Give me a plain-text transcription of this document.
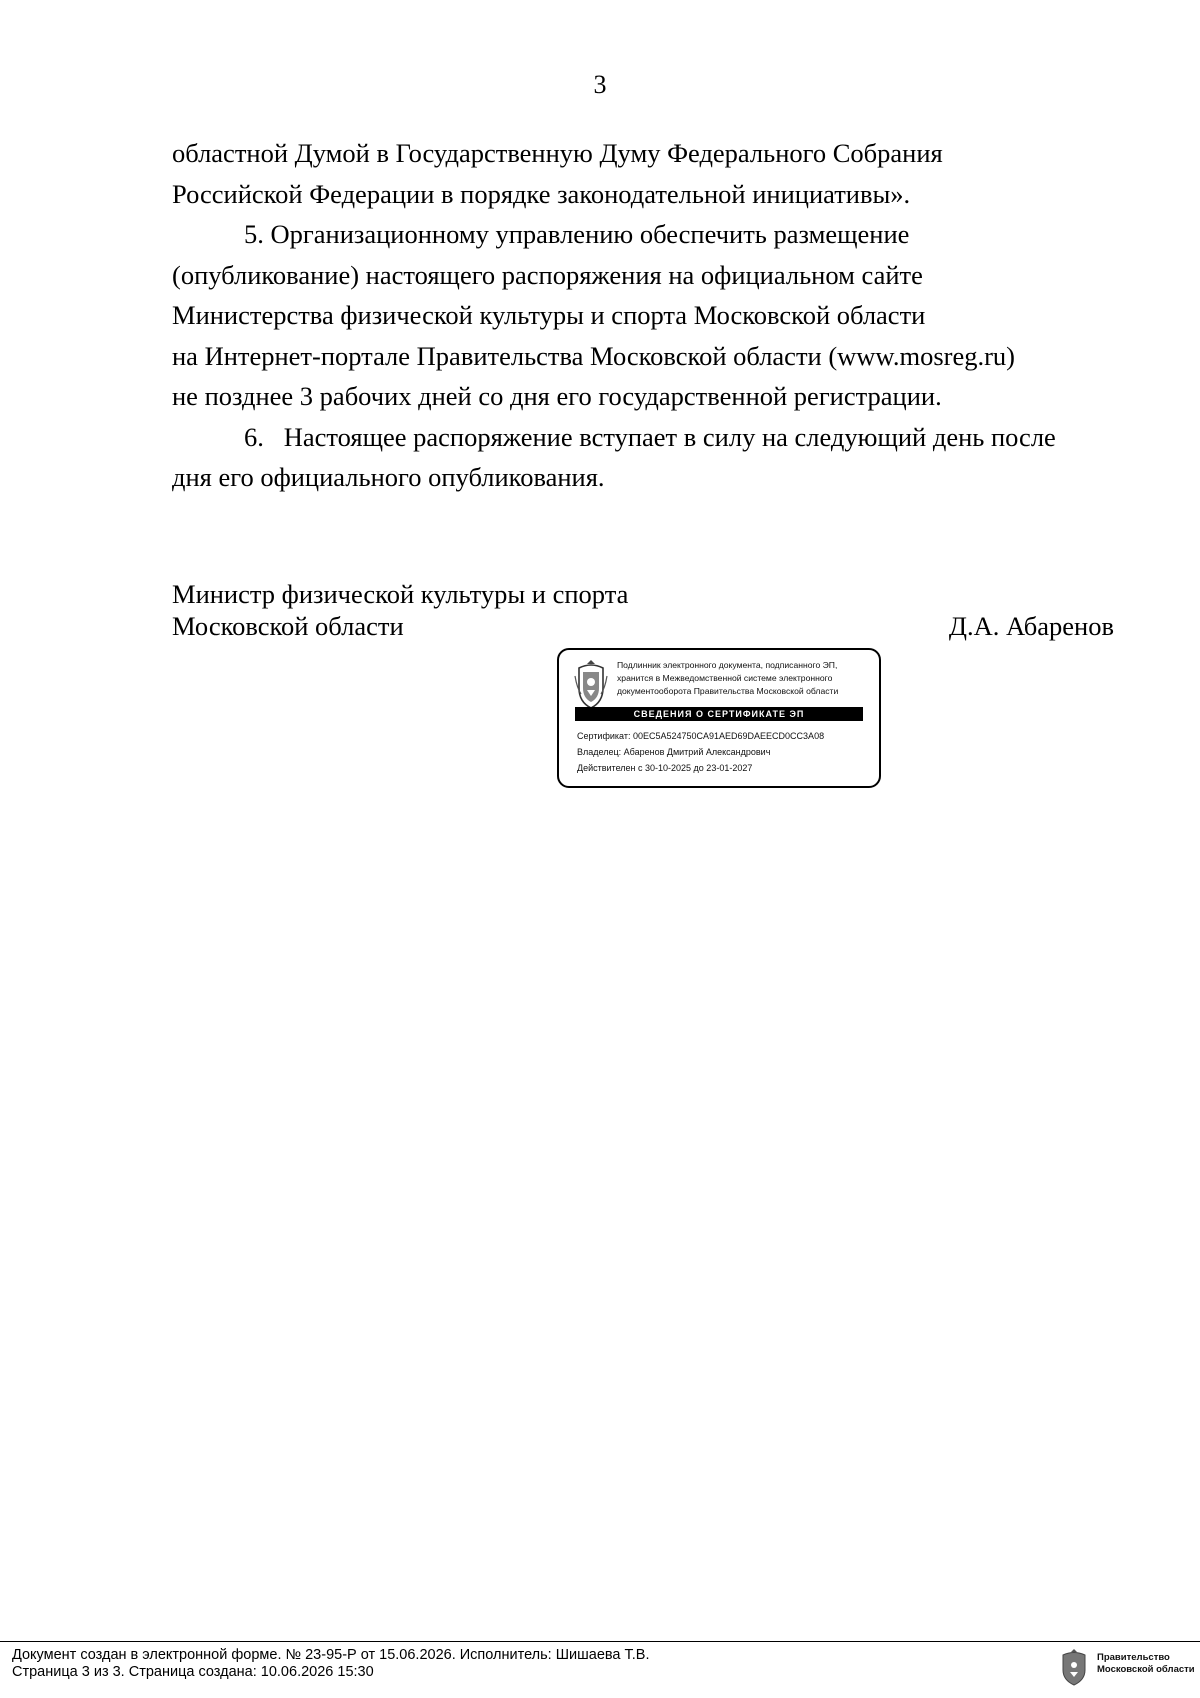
3

областной Думой в Государственную Думу Федерального Собрания
Российской Федерации в порядке законодательной инициативы».

5. Организационному управлению обеспечить размещение
(опубликование) настоящего распоряжения на официальном сайте
Министерства физической культуры и спорта Московской области
на Интернет-портале Правительства Московской области (www.mosreg.ru)
не позднее 3 рабочих дней со дня его государственной регистрации.

6.   Настоящее распоряжение вступает в силу на следующий день после
дня его официального опубликования.

Министр физической культуры и спорта
Московской области	Д.А. Абаренов
Подлинник электронного документа, подписанного ЭП,
хранится в Межведомственной системе электронного
документооборота Правительства Московской области
СВЕДЕНИЯ О СЕРТИФИКАТЕ ЭП
Сертификат: 00EC5A524750CA91AED69DAEECD0CC3A08
Владелец: Абаренов Дмитрий Александрович
Действителен с 30-10-2025 до 23-01-2027
Документ создан в электронной форме. № 23-95-Р от 15.06.2026. Исполнитель: Шишаева Т.В.
Страница 3 из 3. Страница создана: 10.06.2026 15:30
Правительство
Московской области
